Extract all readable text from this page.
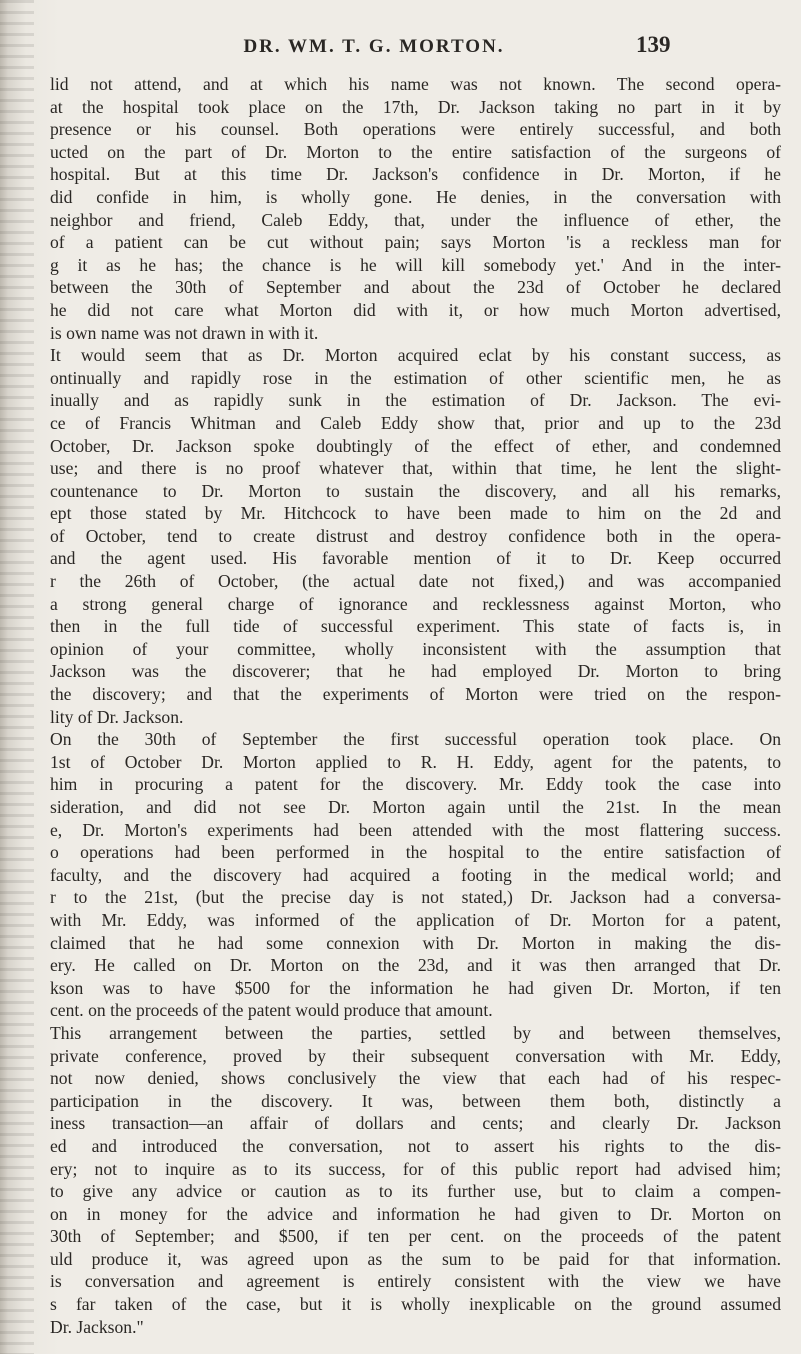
DR. WM. T. G. MORTON.	139
lid not attend, and at which his name was not known. The second opera-
at the hospital took place on the 17th, Dr. Jackson taking no part in it by
presence or his counsel. Both operations were entirely successful, and both
ucted on the part of Dr. Morton to the entire satisfaction of the surgeons of
hospital. But at this time Dr. Jackson's confidence in Dr. Morton, if he
did confide in him, is wholly gone. He denies, in the conversation with
neighbor and friend, Caleb Eddy, that, under the influence of ether, the
of a patient can be cut without pain; says Morton 'is a reckless man for
g it as he has; the chance is he will kill somebody yet.' And in the inter-
between the 30th of September and about the 23d of October he declared
he did not care what Morton did with it, or how much Morton advertised,
is own name was not drawn in with it.
It would seem that as Dr. Morton acquired eclat by his constant success, as
ontinually and rapidly rose in the estimation of other scientific men, he as
inually and as rapidly sunk in the estimation of Dr. Jackson. The evi-
ce of Francis Whitman and Caleb Eddy show that, prior and up to the 23d
October, Dr. Jackson spoke doubtingly of the effect of ether, and condemned
use; and there is no proof whatever that, within that time, he lent the slight-
countenance to Dr. Morton to sustain the discovery, and all his remarks,
ept those stated by Mr. Hitchcock to have been made to him on the 2d and
of October, tend to create distrust and destroy confidence both in the opera-
and the agent used. His favorable mention of it to Dr. Keep occurred
r the 26th of October, (the actual date not fixed,) and was accompanied
a strong general charge of ignorance and recklessness against Morton, who
then in the full tide of successful experiment. This state of facts is, in
opinion of your committee, wholly inconsistent with the assumption that
Jackson was the discoverer; that he had employed Dr. Morton to bring
the discovery; and that the experiments of Morton were tried on the respon-
lity of Dr. Jackson.
On the 30th of September the first successful operation took place. On
1st of October Dr. Morton applied to R. H. Eddy, agent for the patents, to
him in procuring a patent for the discovery. Mr. Eddy took the case into
sideration, and did not see Dr. Morton again until the 21st. In the mean
e, Dr. Morton's experiments had been attended with the most flattering success.
o operations had been performed in the hospital to the entire satisfaction of
faculty, and the discovery had acquired a footing in the medical world; and
r to the 21st, (but the precise day is not stated,) Dr. Jackson had a conversa-
with Mr. Eddy, was informed of the application of Dr. Morton for a patent,
claimed that he had some connexion with Dr. Morton in making the dis-
ery. He called on Dr. Morton on the 23d, and it was then arranged that Dr.
kson was to have $500 for the information he had given Dr. Morton, if ten
cent. on the proceeds of the patent would produce that amount.
This arrangement between the parties, settled by and between themselves,
private conference, proved by their subsequent conversation with Mr. Eddy,
not now denied, shows conclusively the view that each had of his respec-
participation in the discovery. It was, between them both, distinctly a
iness transaction—an affair of dollars and cents; and clearly Dr. Jackson
ed and introduced the conversation, not to assert his rights to the dis-
ery; not to inquire as to its success, for of this public report had advised him;
to give any advice or caution as to its further use, but to claim a compen-
on in money for the advice and information he had given to Dr. Morton on
30th of September; and $500, if ten per cent. on the proceeds of the patent
uld produce it, was agreed upon as the sum to be paid for that information.
is conversation and agreement is entirely consistent with the view we have
s far taken of the case, but it is wholly inexplicable on the ground assumed
Dr. Jackson."
